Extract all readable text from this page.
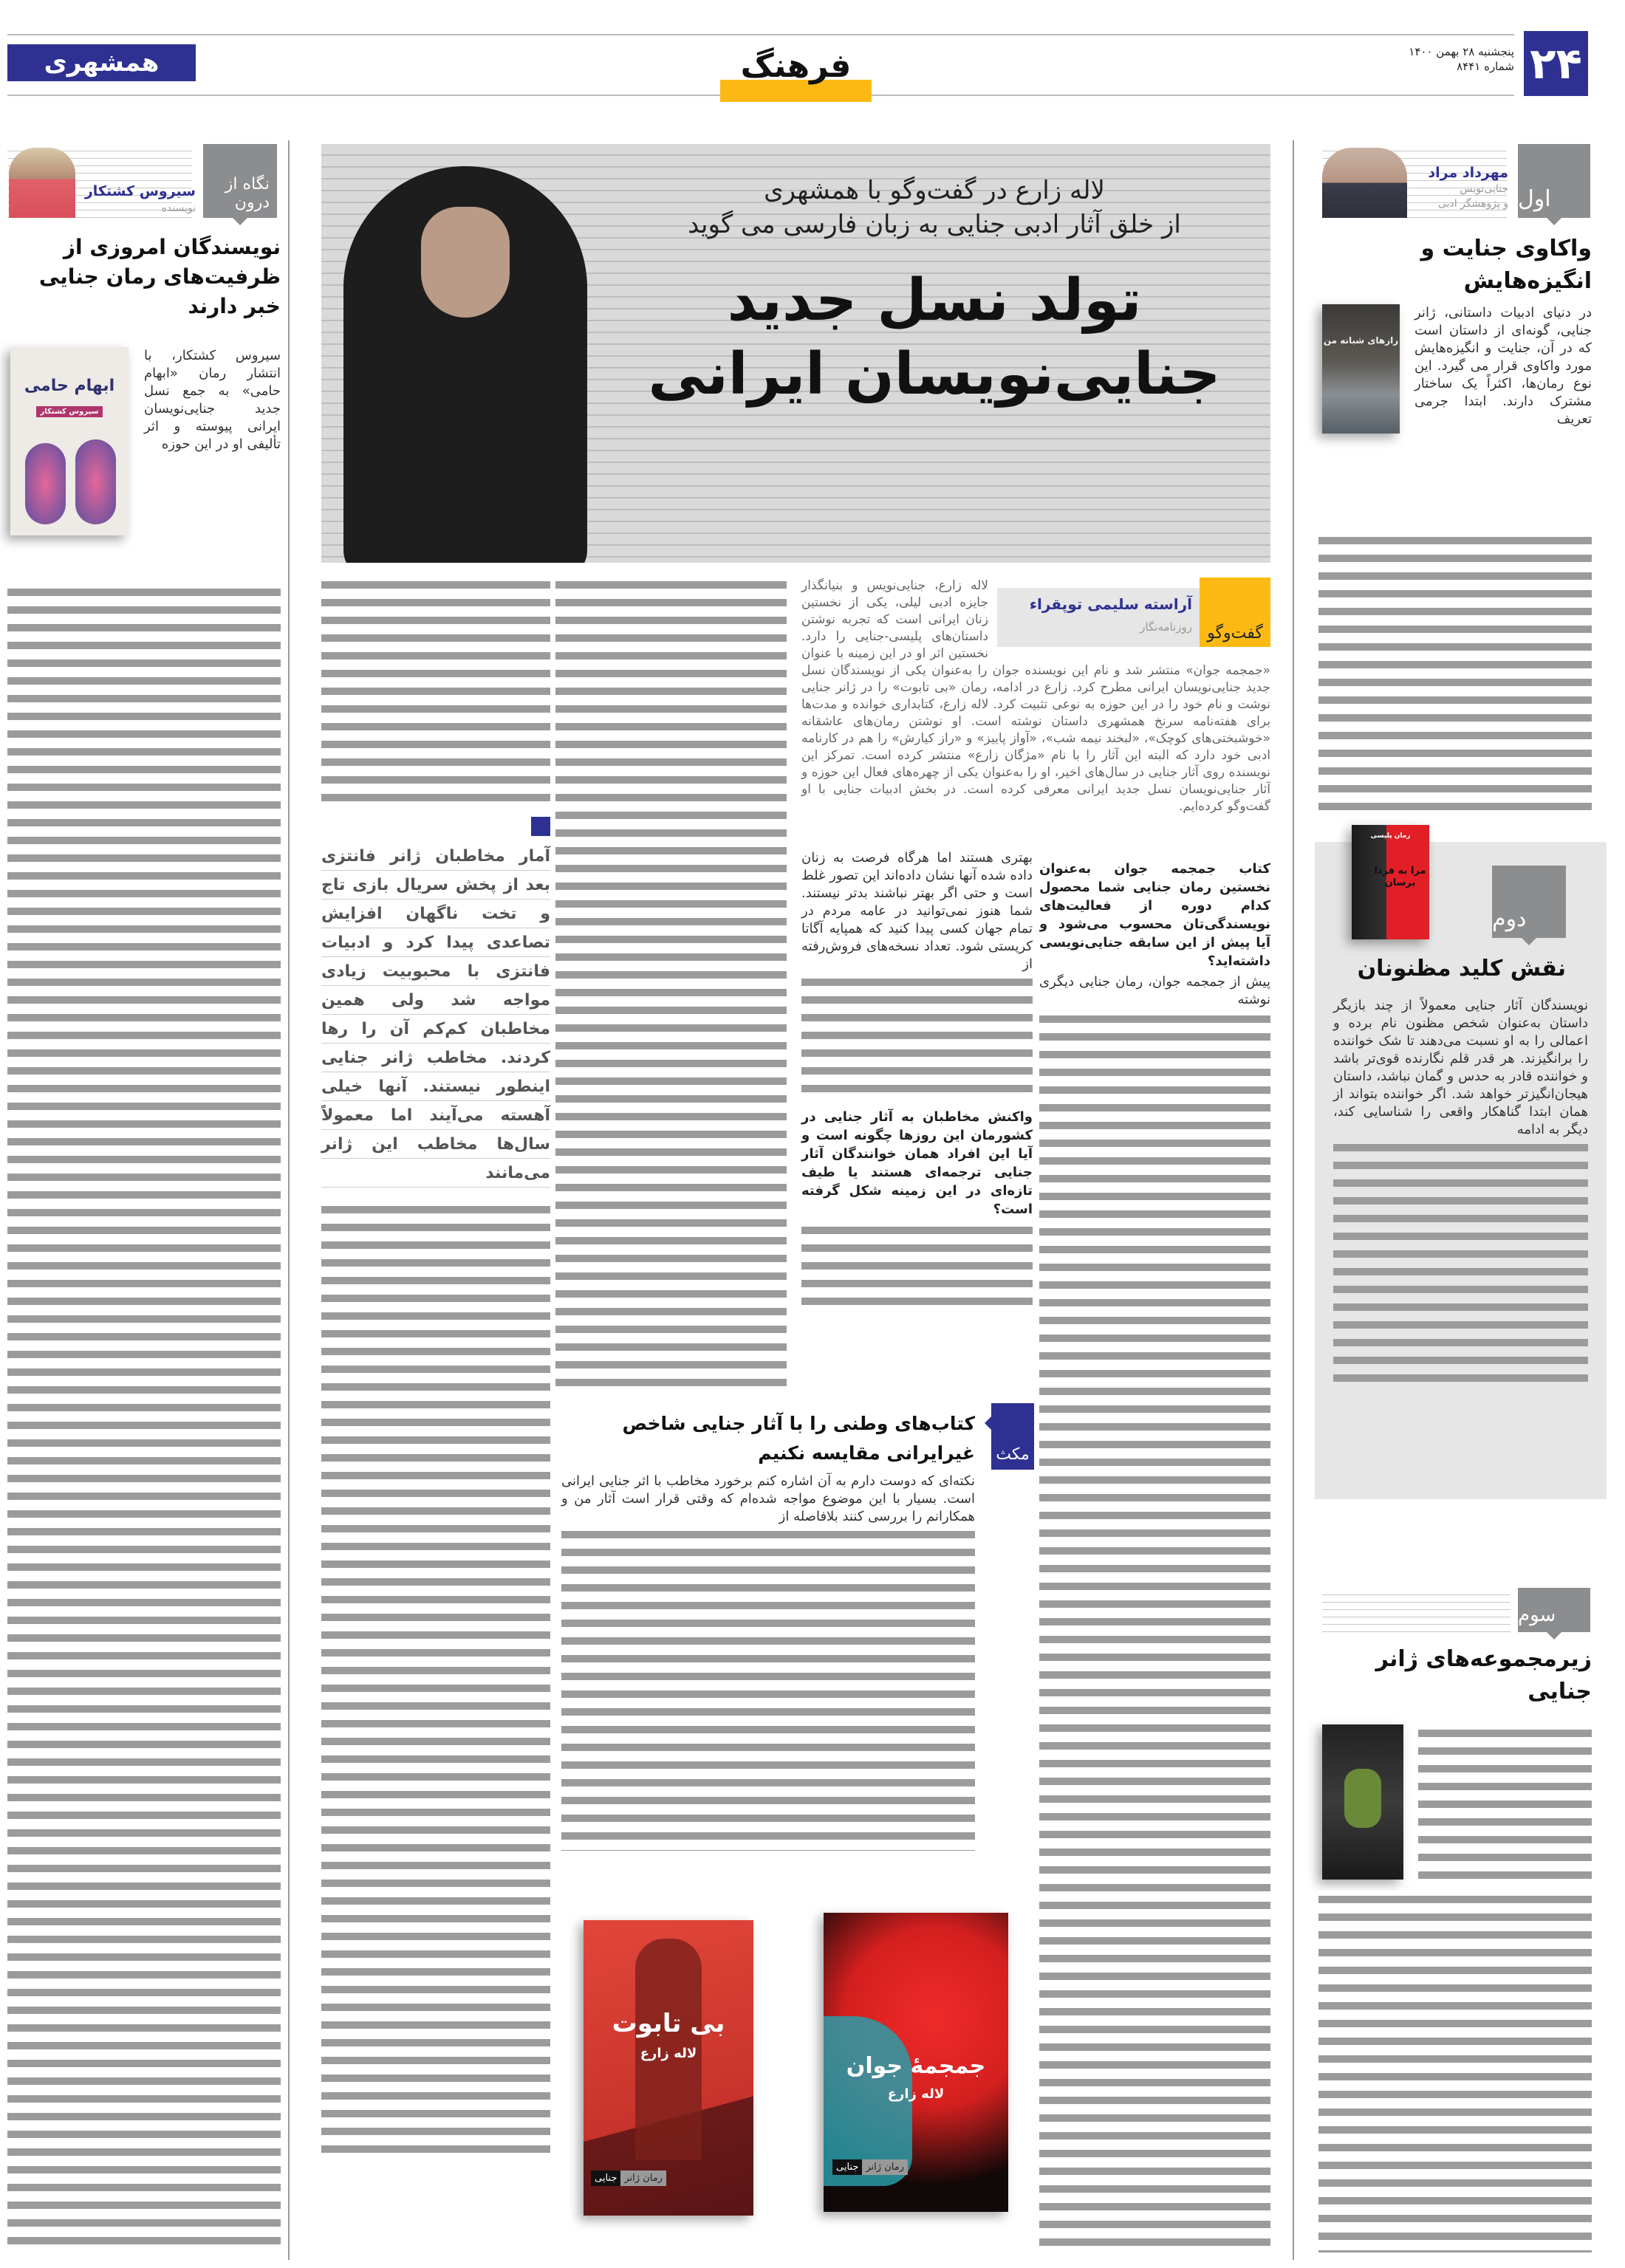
همشهری	فرهنگ	۲۴
پنجشنبه ۲۸ بهمن ۱۴۰۰
شماره ۸۴۴۱
لاله زارع در گفت‌وگو با همشهری
از خلق آثار ادبی جنایی به زبان فارسی می گوید
تولد نسل جدید
جنایی‌نویسان ایرانی
گفت‌وگو
آراسته سلیمی توپقراء
روزنامه‌نگار
لاله زارع، جنایی‌نویس و بنیانگذار جایزه ادبی لیلی، یکی از نخستین زنان ایرانی است که تجربه نوشتن داستان‌های پلیسی-جنایی را دارد. نخستین اثر او در این زمینه با عنوان «جمجمه جوان» منتشر شد و نام این نویسنده جوان را به‌عنوان یکی از نویسندگان نسل جدید جنایی‌نویسان ایرانی مطرح کرد. زارع در ادامه، رمان «بی تابوت» را در ژانر جنایی نوشت و نام خود را در این حوزه به نوعی تثبیت کرد. لاله زارع، کتابداری خوانده و مدت‌ها برای هفته‌نامه سرنخ همشهری داستان نوشته است. او نوشتن رمان‌های عاشقانه «خوشبختی‌های کوچک»، «لبخند نیمه شب»، «آواز پاییز» و «راز کیارش» را هم در کارنامه ادبی خود دارد که البته این آثار را با نام «مژگان زارع» منتشر کرده است. تمرکز این نویسنده روی آثار جنایی در سال‌های اخیر، او را به‌عنوان یکی از چهره‌های فعال این حوزه و آثار جنایی‌نویسان نسل جدید ایرانی معرفی کرده است. در بخش ادبیات جنایی با او گفت‌وگو کرده‌ایم.
کتاب جمجمه جوان به‌عنوان نخستین رمان جنایی شما محصول کدام دوره از فعالیت‌های نویسندگی‌تان محسوب می‌شود و آیا پیش از این سابقه جنایی‌نویسی داشته‌اید؟
پیش از جمجمه جوان، رمان جنایی دیگری نوشته
بهتری هستند اما هرگاه فرصت به زنان داده شده آنها نشان داده‌اند این تصور غلط است و حتی اگر بهتر نباشند بدتر نیستند. شما هنوز نمی‌توانید در عامه مردم در تمام جهان کسی پیدا کنید که همپایه آگاتا کریستی شود. تعداد نسخه‌های فروش‌رفته از
واکنش مخاطبان به آثار جنایی در کشورمان این روزها چگونه است و آیا این افراد همان خوانندگان آثار جنایی ترجمه‌ای هستند یا طیف تازه‌ای در این زمینه شکل گرفته است؟
آمار مخاطبان ژانر فانتزی بعد از پخش سریال بازی تاج و تخت ناگهان افزایش تصاعدی پیدا کرد و ادبیات فانتزی با محبوبیت زیادی مواجه شد ولی همین مخاطبان کم‌کم آن را رها کردند. مخاطب ژانر جنایی اینطور نیستند. آنها خیلی آهسته می‌آیند اما معمولاً سال‌ها مخاطب این ژانر می‌مانند
مکث
کتاب‌های وطنی را با آثار جنایی شاخص غیرایرانی مقایسه نکنیم
نکته‌ای که دوست دارم به آن اشاره کنم برخورد مخاطب با اثر جنایی ایرانی است. بسیار با این موضوع مواجه شده‌ام که وقتی قرار است آثار من و همکارانم را بررسی کنند بلافاصله از
بی تابوت
لاله زارع
رمان ژانر
جنایی
جمجمهٔ جوان
لاله زارع
رمان ژانر
جنایی
مهرداد مراد
جنایی‌نویس
و پژوهشگر ادبی اول
واکاوی جنایت و انگیزه‌هایش
رازهای شبانه من
در دنیای ادبیات داستانی، ژانر جنایی، گونه‌ای از داستان است که در آن، جنایت و انگیزه‌هایش مورد واکاوی قرار می گیرد. این نوع رمان‌ها، اکثراً یک ساختار مشترک دارند. ابتدا جرمی تعریف
رمان پلیسی
مرا به فردا برسان
دوم
نقش کلید مظنونان
نویسندگان آثار جنایی معمولاً از چند بازیگر داستان به‌عنوان شخص مظنون نام برده و اعمالی را به او نسبت می‌دهند تا شک خواننده را برانگیزند. هر قدر قلم نگارنده قوی‌تر باشد و خواننده قادر به حدس و گمان نباشد، داستان هیجان‌انگیزتر خواهد شد. اگر خواننده بتواند از همان ابتدا گناهکار واقعی را شناسایی کند، دیگر به ادامه
سوم
زیرمجموعه‌های ژانر جنایی
سیروس کشتکار
نویسنده
نگاه از درون
نویسندگان امروزی از ظرفیت‌های رمان جنایی خبر دارند
ابهام حامی
سیروس کشتکار
سیروس کشتکار، با انتشار رمان «ابهام حامی» به جمع نسل جدید جنایی‌نویسان ایرانی پیوسته و اثر تألیفی او در این حوزه
